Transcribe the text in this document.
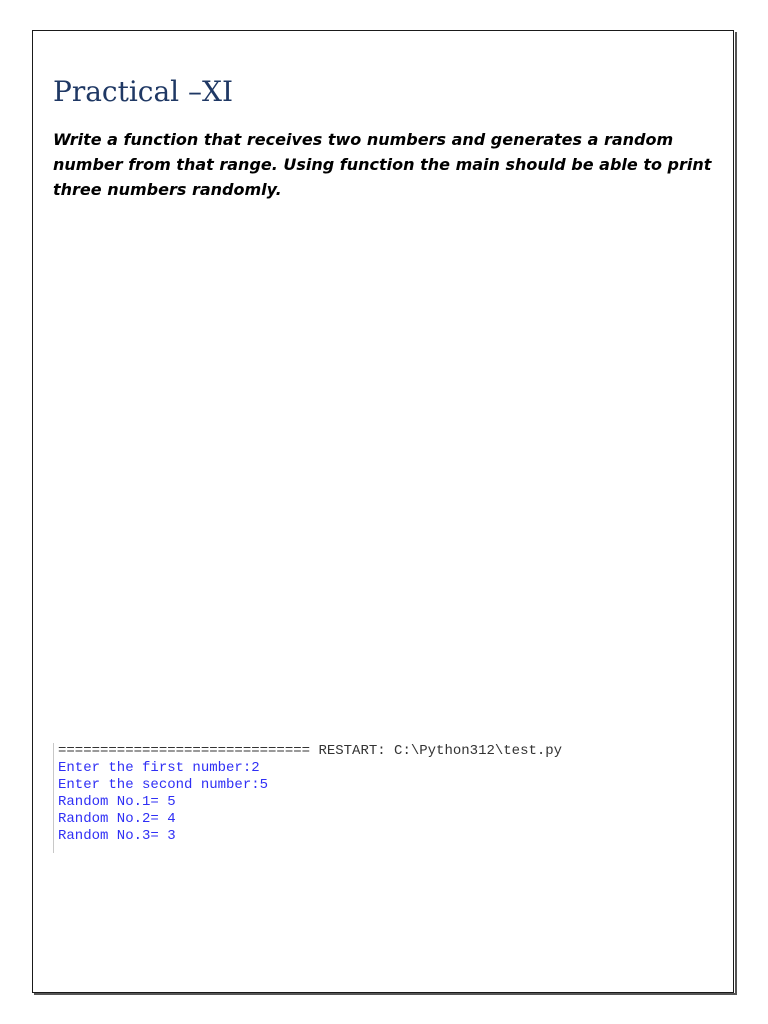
Practical –XI

Write a function that receives two numbers and generates a random number from that range. Using function the main should be able to print three numbers randomly.

============================== RESTART: C:\Python312\test.py
Enter the first number:2
Enter the second number:5
Random No.1= 5
Random No.2= 4
Random No.3= 3
